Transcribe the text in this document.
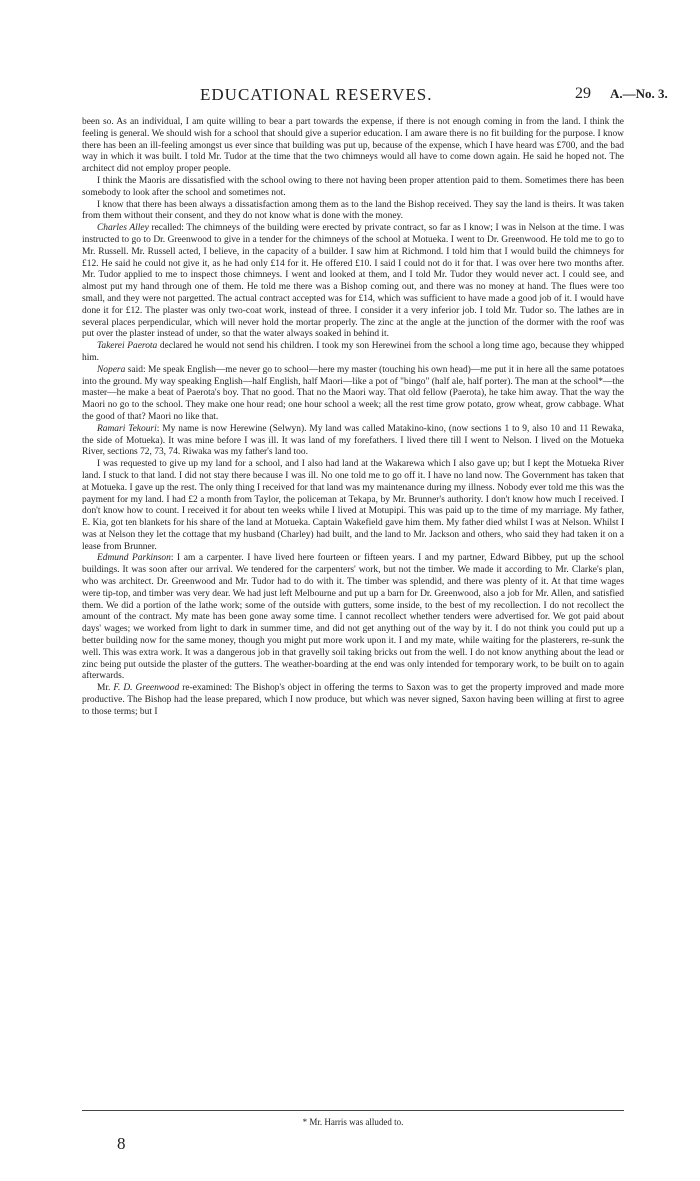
EDUCATIONAL RESERVES.	29 A.—No. 3.

been so. As an individual, I am quite willing to bear a part towards the expense, if there is not enough coming in from the land. I think the feeling is general. We should wish for a school that should give a superior education. I am aware there is no fit building for the purpose. I know there has been an ill-feeling amongst us ever since that building was put up, because of the expense, which I have heard was £700, and the bad way in which it was built. I told Mr. Tudor at the time that the two chimneys would all have to come down again. He said he hoped not. The architect did not employ proper people.

I think the Maoris are dissatisfied with the school owing to there not having been proper attention paid to them. Sometimes there has been somebody to look after the school and sometimes not.

I know that there has been always a dissatisfaction among them as to the land the Bishop received. They say the land is theirs. It was taken from them without their consent, and they do not know what is done with the money.

Charles Alley recalled: The chimneys of the building were erected by private contract, so far as I know; I was in Nelson at the time. I was instructed to go to Dr. Greenwood to give in a tender for the chimneys of the school at Motueka. I went to Dr. Greenwood. He told me to go to Mr. Russell. Mr. Russell acted, I believe, in the capacity of a builder. I saw him at Richmond. I told him that I would build the chimneys for £12. He said he could not give it, as he had only £14 for it. He offered £10. I said I could not do it for that. I was over here two months after. Mr. Tudor applied to me to inspect those chimneys. I went and looked at them, and I told Mr. Tudor they would never act. I could see, and almost put my hand through one of them. He told me there was a Bishop coming out, and there was no money at hand. The flues were too small, and they were not pargetted. The actual contract accepted was for £14, which was sufficient to have made a good job of it. I would have done it for £12. The plaster was only two-coat work, instead of three. I consider it a very inferior job. I told Mr. Tudor so. The lathes are in several places perpendicular, which will never hold the mortar properly. The zinc at the angle at the junction of the dormer with the roof was put over the plaster instead of under, so that the water always soaked in behind it.

Takerei Paerota declared he would not send his children. I took my son Herewinei from the school a long time ago, because they whipped him.

Nopera said: Me speak English—me never go to school—here my master (touching his own head)—me put it in here all the same potatoes into the ground. My way speaking English—half English, half Maori—like a pot of "bingo" (half ale, half porter). The man at the school*—the master—he make a beat of Paerota's boy. That no good. That no the Maori way. That old fellow (Paerota), he take him away. That the way the Maori no go to the school. They make one hour read; one hour school a week; all the rest time grow potato, grow wheat, grow cabbage. What the good of that? Maori no like that.

Ramari Tekouri: My name is now Herewine (Selwyn). My land was called Matakino-kino, (now sections 1 to 9, also 10 and 11 Rewaka, the side of Motueka). It was mine before I was ill. It was land of my forefathers. I lived there till I went to Nelson. I lived on the Motueka River, sections 72, 73, 74. Riwaka was my father's land too.

I was requested to give up my land for a school, and I also had land at the Wakarewa which I also gave up; but I kept the Motueka River land. I stuck to that land. I did not stay there because I was ill. No one told me to go off it. I have no land now. The Government has taken that at Motueka. I gave up the rest. The only thing I received for that land was my maintenance during my illness. Nobody ever told me this was the payment for my land. I had £2 a month from Taylor, the policeman at Tekapa, by Mr. Brunner's authority. I don't know how much I received. I don't know how to count. I received it for about ten weeks while I lived at Motupipi. This was paid up to the time of my marriage. My father, E. Kia, got ten blankets for his share of the land at Motueka. Captain Wakefield gave him them. My father died whilst I was at Nelson. Whilst I was at Nelson they let the cottage that my husband (Charley) had built, and the land to Mr. Jackson and others, who said they had taken it on a lease from Brunner.

Edmund Parkinson: I am a carpenter. I have lived here fourteen or fifteen years. I and my partner, Edward Bibbey, put up the school buildings. It was soon after our arrival. We tendered for the carpenters' work, but not the timber. We made it according to Mr. Clarke's plan, who was architect. Dr. Greenwood and Mr. Tudor had to do with it. The timber was splendid, and there was plenty of it. At that time wages were tip-top, and timber was very dear. We had just left Melbourne and put up a barn for Dr. Greenwood, also a job for Mr. Allen, and satisfied them. We did a portion of the lathe work; some of the outside with gutters, some inside, to the best of my recollection. I do not recollect the amount of the contract. My mate has been gone away some time. I cannot recollect whether tenders were advertised for. We got paid about days' wages; we worked from light to dark in summer time, and did not get anything out of the way by it. I do not think you could put up a better building now for the same money, though you might put more work upon it. I and my mate, while waiting for the plasterers, re-sunk the well. This was extra work. It was a dangerous job in that gravelly soil taking bricks out from the well. I do not know anything about the lead or zinc being put outside the plaster of the gutters. The weather-boarding at the end was only intended for temporary work, to be built on to again afterwards.

Mr. F. D. Greenwood re-examined: The Bishop's object in offering the terms to Saxon was to get the property improved and made more productive. The Bishop had the lease prepared, which I now produce, but which was never signed, Saxon having been willing at first to agree to those terms; but I

* Mr. Harris was alluded to.
8
